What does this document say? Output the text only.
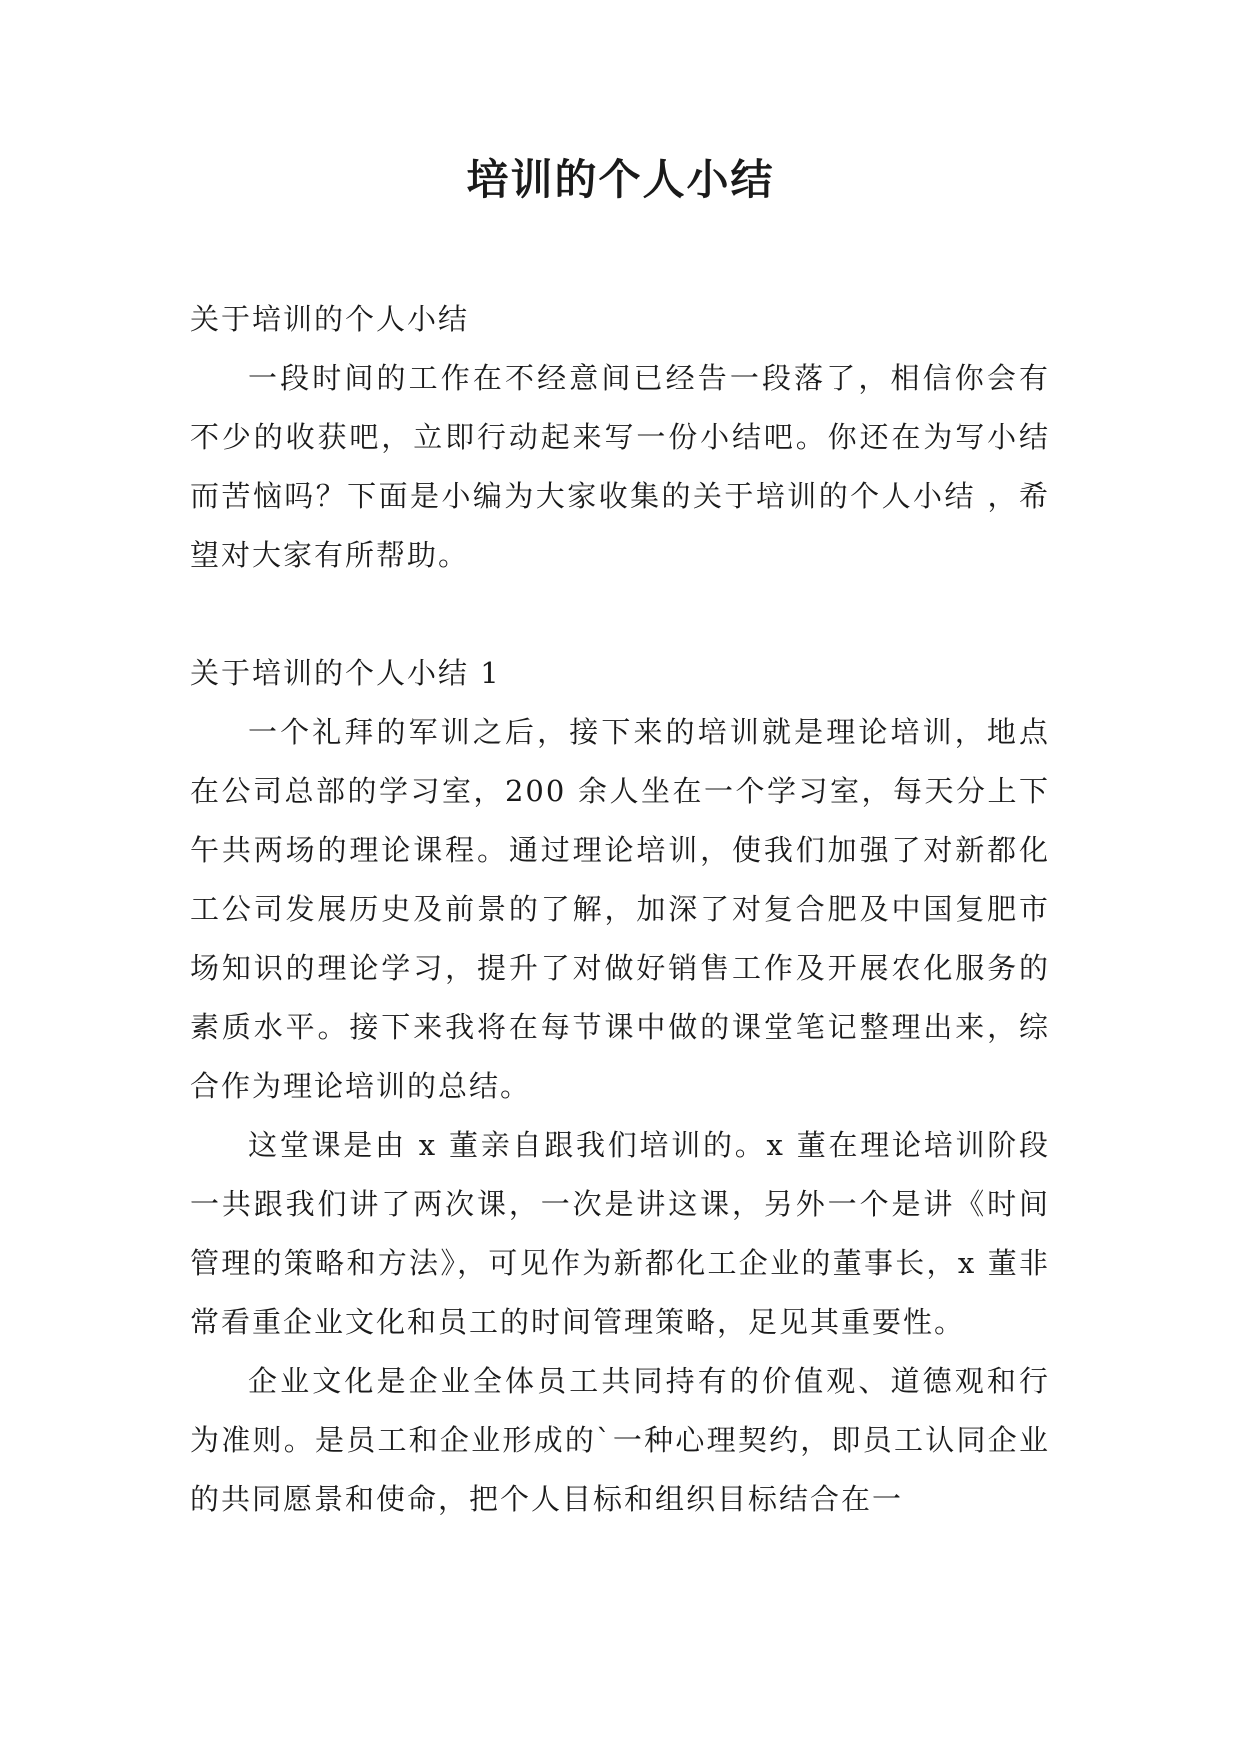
培训的个人小结

关于培训的个人小结

一段时间的工作在不经意间已经告一段落了，相信你会有不少的收获吧，立即行动起来写一份小结吧。你还在为写小结而苦恼吗？下面是小编为大家收集的关于培训的个人小结 ，希望对大家有所帮助。

关于培训的个人小结 1

一个礼拜的军训之后，接下来的培训就是理论培训，地点在公司总部的学习室，200 余人坐在一个学习室，每天分上下午共两场的理论课程。通过理论培训，使我们加强了对新都化工公司发展历史及前景的了解，加深了对复合肥及中国复肥市场知识的理论学习，提升了对做好销售工作及开展农化服务的素质水平。接下来我将在每节课中做的课堂笔记整理出来，综合作为理论培训的总结。

这堂课是由 x 董亲自跟我们培训的。x 董在理论培训阶段一共跟我们讲了两次课，一次是讲这课，另外一个是讲《时间管理的策略和方法》，可见作为新都化工企业的董事长，x 董非常看重企业文化和员工的时间管理策略，足见其重要性。

企业文化是企业全体员工共同持有的价值观、道德观和行为准则。是员工和企业形成的`一种心理契约，即员工认同企业的共同愿景和使命，把个人目标和组织目标结合在一
